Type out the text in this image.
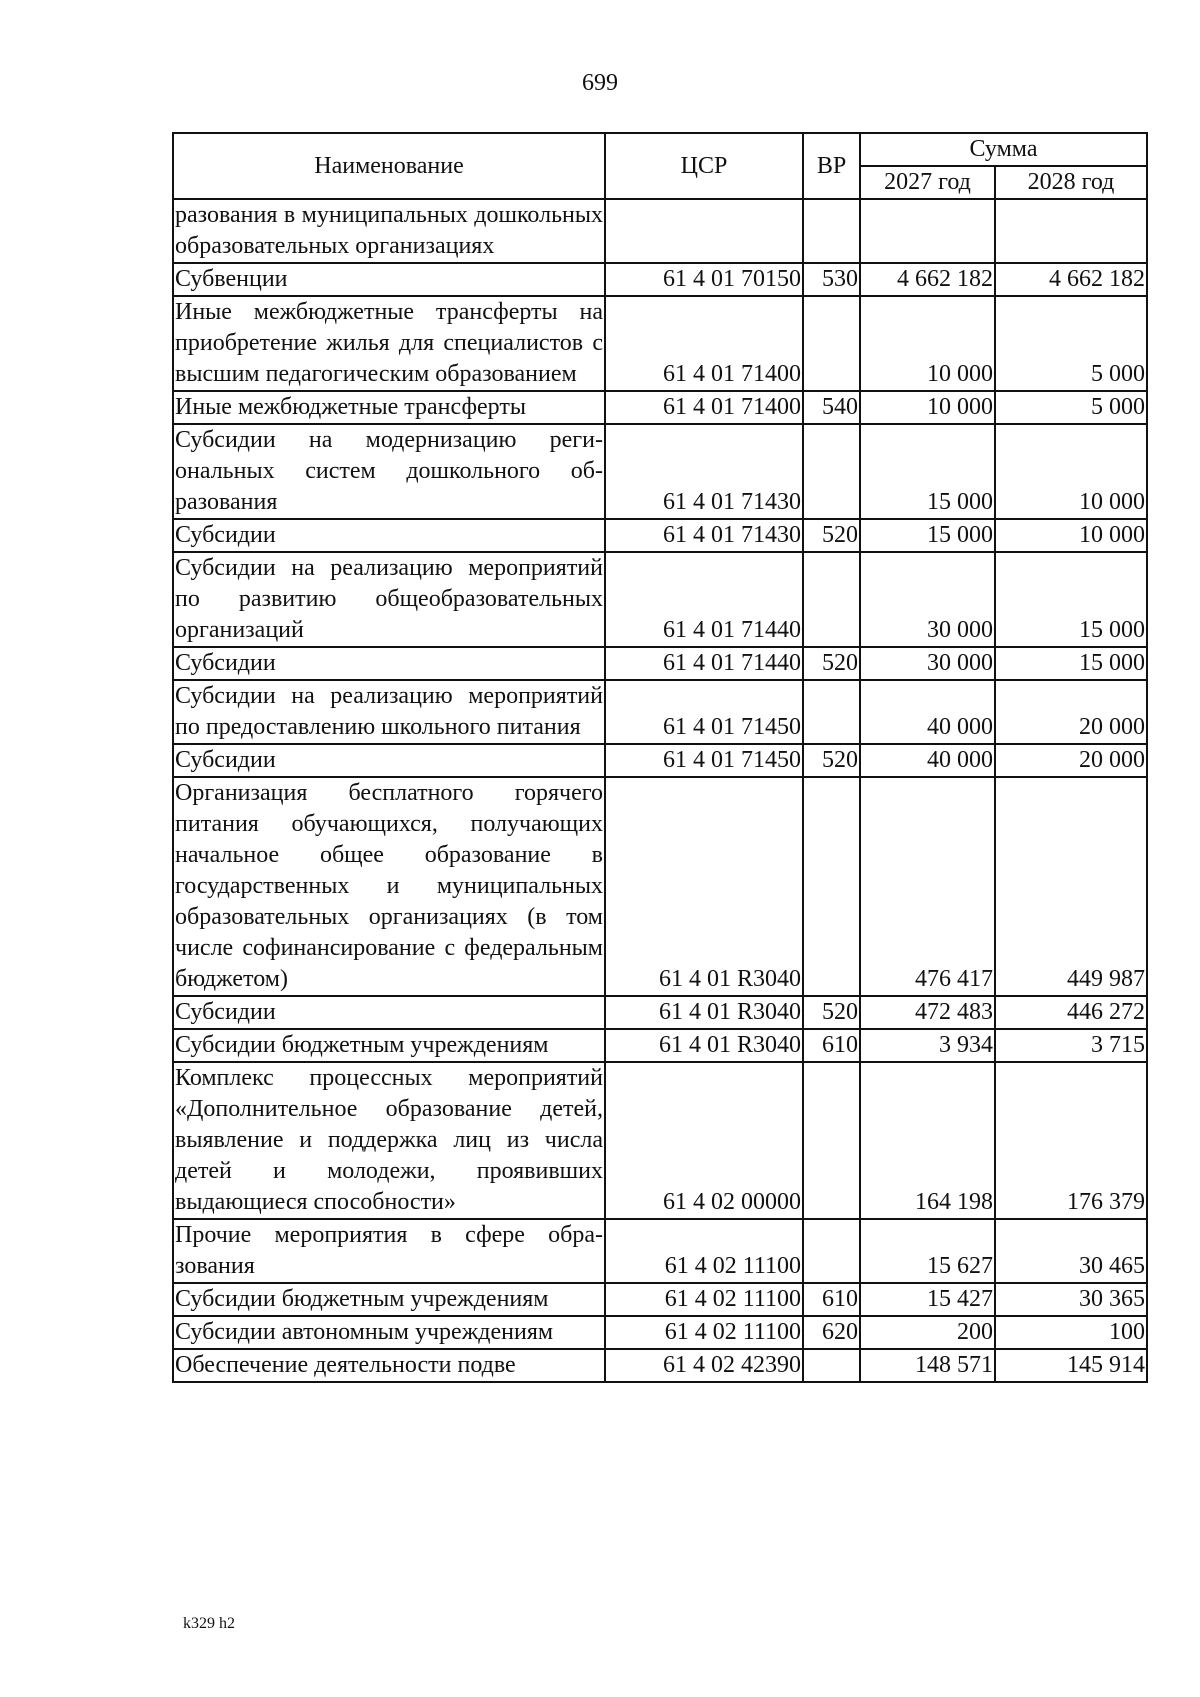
699
Наименование	ЦСР	ВР	Сумма	
			2027 год	2028 год
разования в муниципальных дошкольных образовательных организациях				
Субвенции	61 4 01 70150	530	4 662 182	4 662 182
Иные межбюджетные трансферты на приобретение жилья для специалистов с высшим педагогическим образованием	61 4 01 71400		10 000	5 000
Иные межбюджетные трансферты	61 4 01 71400	540	10 000	5 000
Субсидии на модернизацию региональных систем дошкольного образования	61 4 01 71430		15 000	10 000
Субсидии	61 4 01 71430	520	15 000	10 000
Субсидии на реализацию мероприятий по развитию общеобразовательных организаций	61 4 01 71440		30 000	15 000
Субсидии	61 4 01 71440	520	30 000	15 000
Субсидии на реализацию мероприятий по предоставлению школьного питания	61 4 01 71450		40 000	20 000
Субсидии	61 4 01 71450	520	40 000	20 000
Организация бесплатного горячего питания обучающихся, получающих начальное общее образование в государственных и муниципальных образовательных организациях (в том числе софинансирование с федеральным бюджетом)	61 4 01 R3040		476 417	449 987
Субсидии	61 4 01 R3040	520	472 483	446 272
Субсидии бюджетным учреждениям	61 4 01 R3040	610	3 934	3 715
Комплекс процессных мероприятий «Дополнительное образование детей, выявление и поддержка лиц из числа детей и молодежи, проявивших выдающиеся способности»	61 4 02 00000		164 198	176 379
Прочие мероприятия в сфере образования	61 4 02 11100		15 627	30 465
Субсидии бюджетным учреждениям	61 4 02 11100	610	15 427	30 365
Субсидии автономным учреждениям	61 4 02 11100	620	200	100
Обеспечение деятельности подве	61 4 02 42390		148 571	145 914
k329 h2
